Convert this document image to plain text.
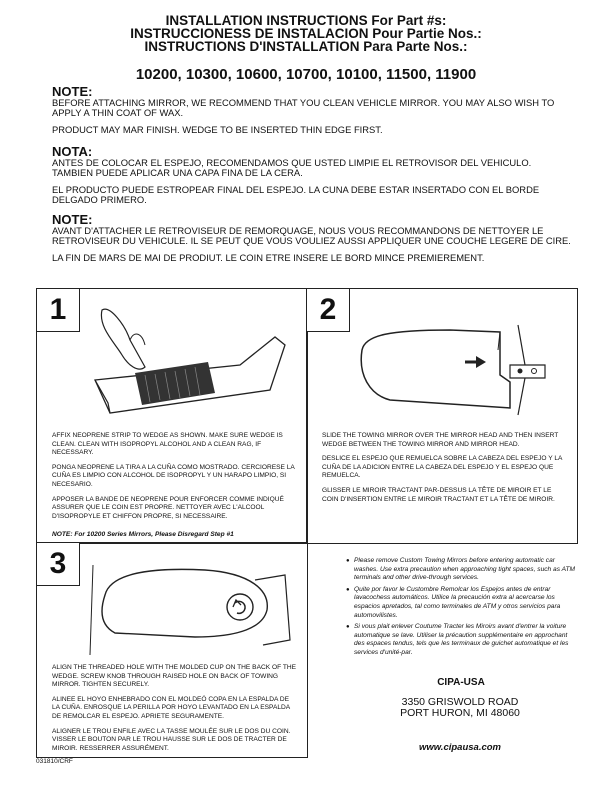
INSTALLATION INSTRUCTIONS For Part #s:
INSTRUCCIONESS DE INSTALACION Pour Partie Nos.:
INSTRUCTIONS D'INSTALLATION Para Parte Nos.:
10200, 10300, 10600, 10700, 10100, 11500, 11900
NOTE:
BEFORE ATTACHING MIRROR, WE RECOMMEND THAT YOU CLEAN VEHICLE MIRROR. YOU MAY ALSO WISH TO APPLY A THIN COAT OF WAX.
PRODUCT MAY MAR FINISH. WEDGE TO BE INSERTED THIN EDGE FIRST.
NOTA:
ANTES DE COLOCAR EL ESPEJO, RECOMENDAMOS QUE USTED LIMPIE EL RETROVISOR DEL VEHICULO. TAMBIEN PUEDE APLICAR UNA CAPA FINA DE LA CERA.
EL PRODUCTO PUEDE ESTROPEAR FINAL DEL ESPEJO. LA CUNA DEBE ESTAR INSERTADO CON EL BORDE DELGADO PRIMERO.
NOTE:
AVANT D'ATTACHER LE RETROVISEUR DE REMORQUAGE, NOUS VOUS RECOMMANDONS DE NETTOYER LE RETROVISEUR DU VEHICULE. IL SE PEUT QUE VOUS VOULIEZ AUSSI APPLIQUER UNE COUCHE LEGERE DE CIRE.
LA FIN DE MARS DE MAI DE PRODIUT. LE COIN ETRE INSERE LE BORD MINCE PREMIEREMENT.
1

AFFIX NEOPRENE STRIP TO WEDGE AS SHOWN. MAKE SURE WEDGE IS CLEAN. CLEAN WITH ISOPROPYL ALCOHOL AND A CLEAN RAG, IF NECESSARY.

PONGA NEOPRENE LA TIRA A LA CUÑA COMO MOSTRADO. CERCIORESE LA CUÑA ES LIMPIO CON ALCOHOL DE ISOPROPYL Y UN HARAPO LIMPIO, SI NECESARIO.

APPOSER LA BANDE DE NEOPRENE POUR ENFORCER COMME INDIQUÉ ASSURER QUE LE COIN EST PROPRE. NETTOYER AVEC L'ALCOOL D'ISOPROPYLE ET CHIFFON PROPRE, SI NECESSAIRE.

NOTE: For 10200 Series Mirrors, Please Disregard Step #1

2

SLIDE THE TOWING MIRROR OVER THE MIRROR HEAD AND THEN INSERT WEDGE BETWEEN THE TOWING MIRROR AND MIRROR HEAD.

DESLICE EL ESPEJO QUE REMUELCA SOBRE LA CABEZA DEL ESPEJO Y LA CUÑA DE LA ADICION ENTRE LA CABEZA DEL ESPEJO Y EL ESPEJO QUE REMUELCA.

GLISSER LE MIROIR TRACTANT PAR-DESSUS LA TÊTE DE MIROIR ET LE COIN D'INSERTION ENTRE LE MIROIR TRACTANT ET LA TÊTE DE MIROIR.

3

ALIGN THE THREADED HOLE WITH THE MOLDED CUP ON THE BACK OF THE WEDGE. SCREW KNOB THROUGH RAISED HOLE ON BACK OF TOWING MIRROR. TIGHTEN SECURELY.

ALINEE EL HOYO ENHEBRADO CON EL MOLDEÓ COPA EN LA ESPALDA DE LA CUÑA. ENROSQUE LA PERILLA POR HOYO LEVANTADO EN LA ESPALDA DE REMOLCAR EL ESPEJO. APRIETE SEGURAMENTE.

ALIGNER LE TROU ENFILE AVEC LA TASSE MOULÉE SUR LE DOS DU COIN. VISSER LE BOUTON PAR LE TROU HAUSSE SUR LE DOS DE TRACTER DE MIROIR. RESSERRER ASSURÉMENT.

● Please remove Custom Towing Mirrors before entering automatic car washes. Use extra precaution when approaching tight spaces, such as ATM terminals and other drive-through services.
● Quite por favor le Custombre Remolcar los Espejos antes de entrar lavacochess automáticos. Utilice la precaución extra al acercarse los espacios apretados, tal como terminales de ATM y otros servicios para automovilistes.
● Si vous plait enlever Coutume Tracter les Miroirs avant d'entrer la voiture automatique se lave. Utiliser la précaution supplémentaire en approchant des espaces tendus, tels que les terminaux de guichet automatique et les services d'unité-par.
CIPA-USA
3350 GRISWOLD ROAD
PORT HURON, MI 48060
www.cipausa.com
031810/CRF
